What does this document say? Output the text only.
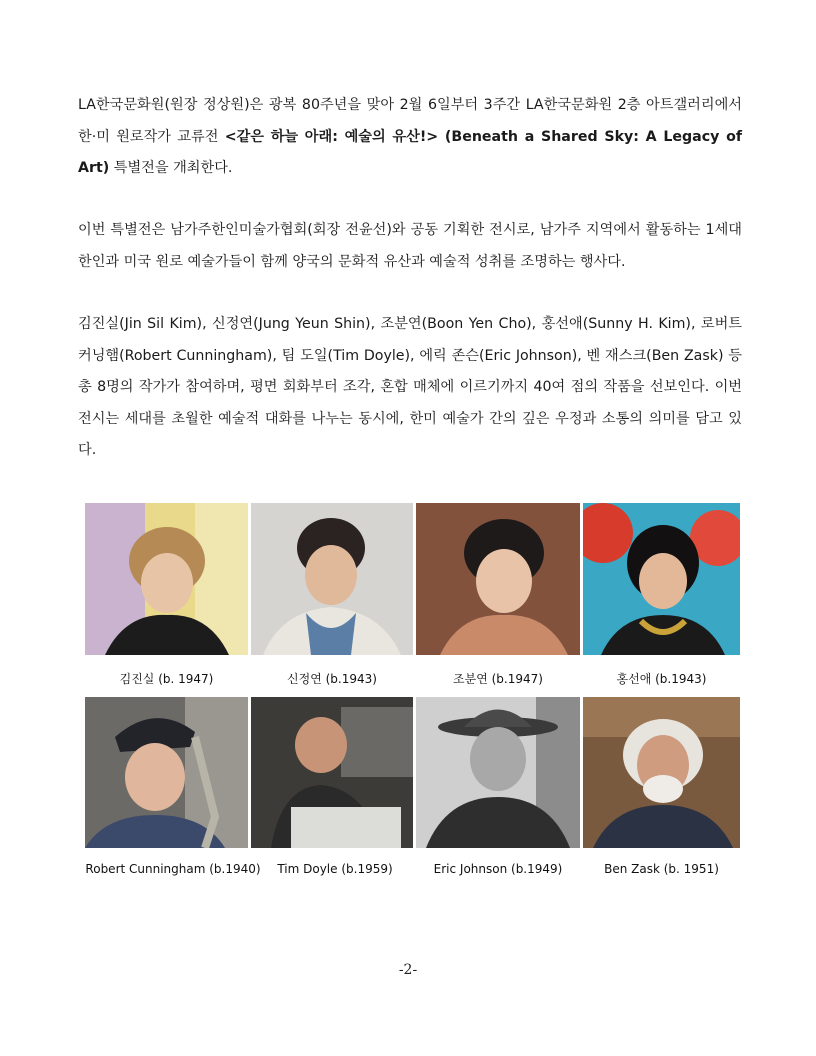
LA한국문화원(원장 정상원)은 광복 80주년을 맞아 2월 6일부터 3주간 LA한국문화원 2층 아트갤러리에서 한·미 원로작가 교류전 <같은 하늘 아래: 예술의 유산!> (Beneath a Shared Sky: A Legacy of Art) 특별전을 개최한다.

이번 특별전은 남가주한인미술가협회(회장 전윤선)와 공동 기획한 전시로, 남가주 지역에서 활동하는 1세대 한인과 미국 원로 예술가들이 함께 양국의 문화적 유산과 예술적 성취를 조명하는 행사다.

김진실(Jin Sil Kim), 신정연(Jung Yeun Shin), 조분연(Boon Yen Cho), 홍선애(Sunny H. Kim), 로버트 커닝햄(Robert Cunningham), 팀 도일(Tim Doyle), 에릭 존슨(Eric Johnson), 벤 재스크(Ben Zask) 등 총 8명의 작가가 참여하며, 평면 회화부터 조각, 혼합 매체에 이르기까지 40여 점의 작품을 선보인다. 이번 전시는 세대를 초월한 예술적 대화를 나누는 동시에, 한미 예술가 간의 깊은 우정과 소통의 의미를 담고 있다.

김진실 (b. 1947)	신정연 (b.1943)	조분연 (b.1947)	홍선애 (b.1943)
Robert Cunningham (b.1940)	Tim Doyle (b.1959)	Eric Johnson (b.1949)	Ben Zask (b. 1951)
-2-
